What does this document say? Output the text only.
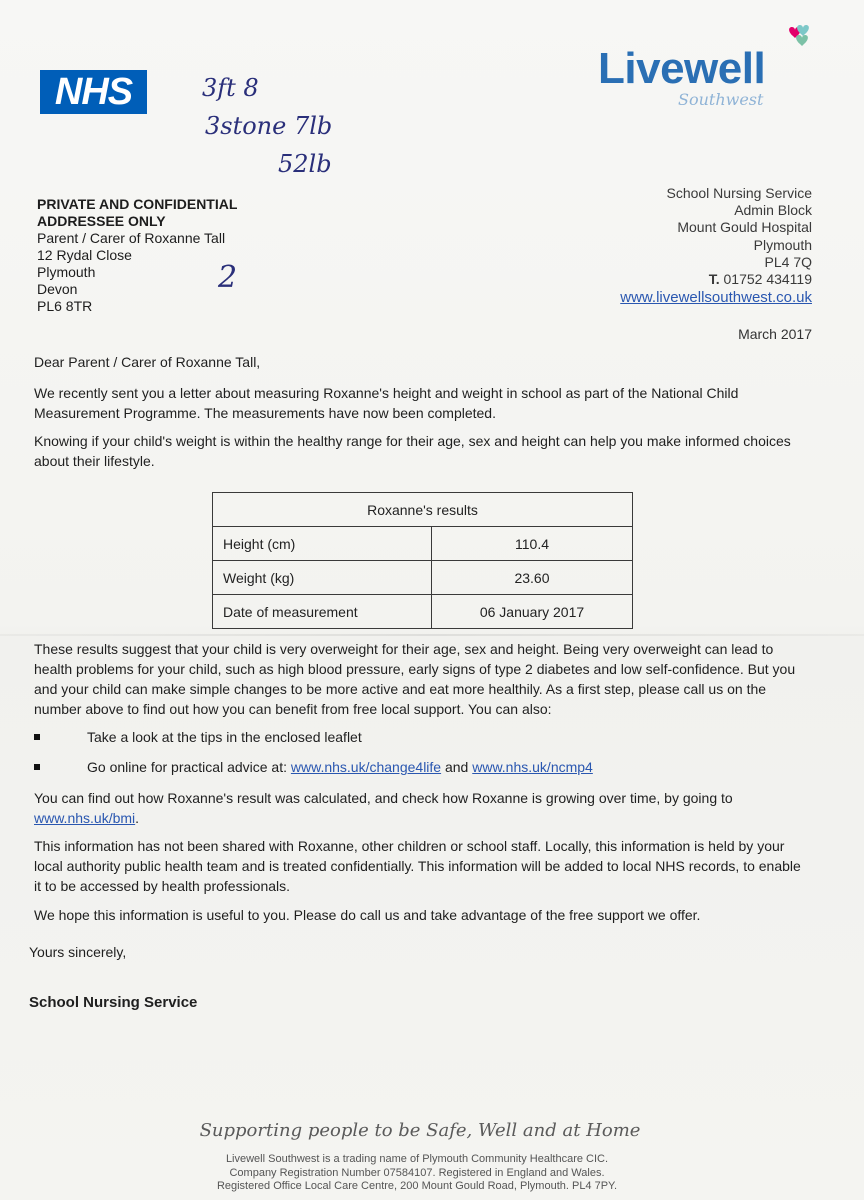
NHS	3ft 8
3stone 7lb
52lb
2
Livewell
Southwest
PRIVATE AND CONFIDENTIAL
ADDRESSEE ONLY
Parent / Carer of Roxanne Tall
12 Rydal Close
Plymouth
Devon
PL6 8TR
School Nursing Service
Admin Block
Mount Gould Hospital
Plymouth
PL4 7Q
T. 01752 434119
www.livewellsouthwest.co.uk
March 2017
Dear Parent / Carer of Roxanne Tall,
We recently sent you a letter about measuring Roxanne's height and weight in school as part of the National Child Measurement Programme. The measurements have now been completed.
Knowing if your child's weight is within the healthy range for their age, sex and height can help you make informed choices about their lifestyle.
Roxanne's results	
Height (cm)	110.4
Weight (kg)	23.60
Date of measurement	06 January 2017
These results suggest that your child is very overweight for their age, sex and height. Being very overweight can lead to health problems for your child, such as high blood pressure, early signs of type 2 diabetes and low self-confidence. But you and your child can make simple changes to be more active and eat more healthily. As a first step, please call us on the number above to find out how you can benefit from free local support. You can also:
Take a look at the tips in the enclosed leaflet
Go online for practical advice at: www.nhs.uk/change4life and www.nhs.uk/ncmp4
You can find out how Roxanne's result was calculated, and check how Roxanne is growing over time, by going to www.nhs.uk/bmi.
This information has not been shared with Roxanne, other children or school staff. Locally, this information is held by your local authority public health team and is treated confidentially. This information will be added to local NHS records, to enable it to be accessed by health professionals.
We hope this information is useful to you. Please do call us and take advantage of the free support we offer.
Yours sincerely,
School Nursing Service
Supporting people to be Safe, Well and at Home
Livewell Southwest is a trading name of Plymouth Community Healthcare CIC.
Company Registration Number 07584107. Registered in England and Wales.
Registered Office Local Care Centre, 200 Mount Gould Road, Plymouth. PL4 7PY.
